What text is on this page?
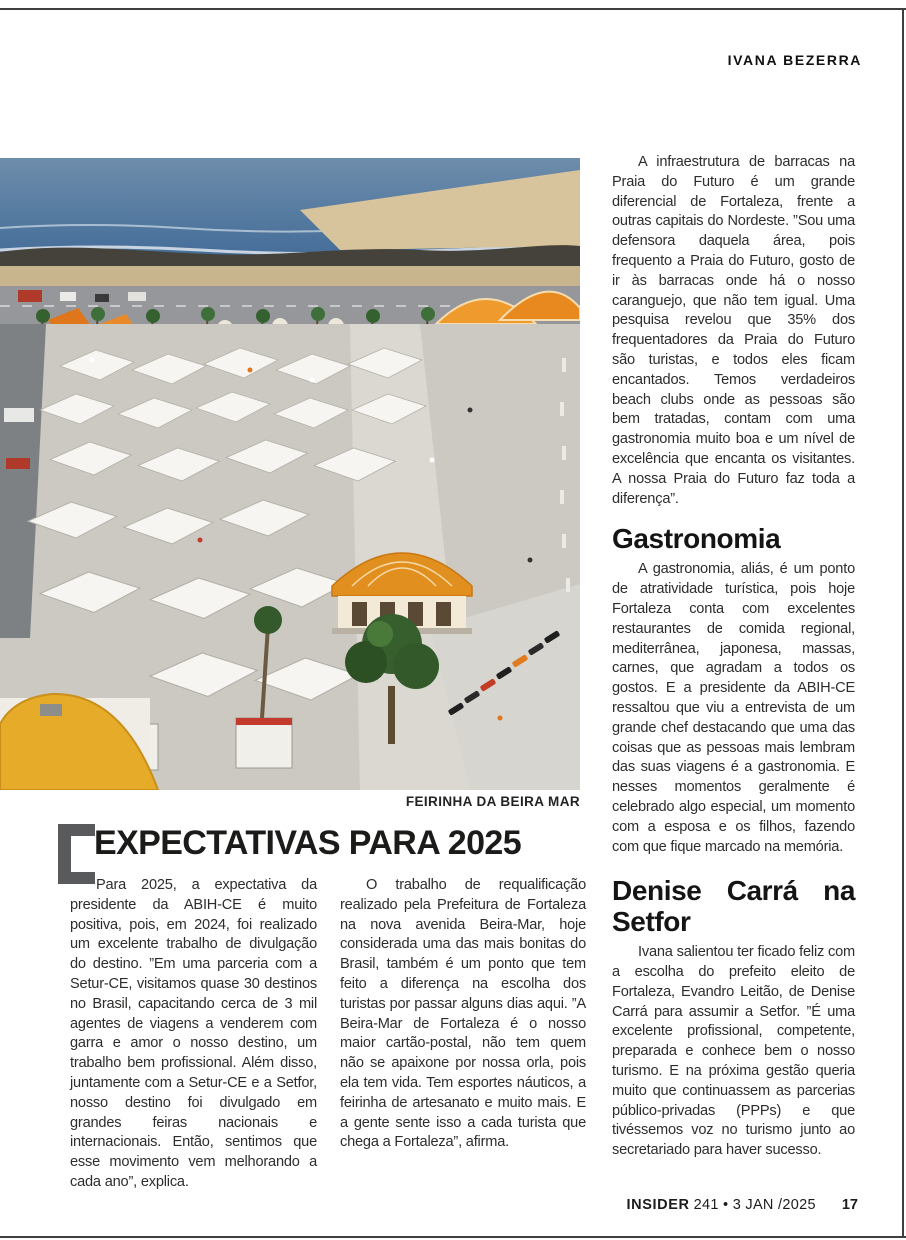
IVANA BEZERRA
FEIRINHA DA BEIRA MAR
EXPECTATIVAS PARA 2025

Para 2025, a expectativa da presidente da ABIH-CE é muito positiva, pois, em 2024, foi realizado um excelente trabalho de divulgação do destino. ”Em uma parceria com a Setur-CE, visitamos quase 30 destinos no Brasil, capacitando cerca de 3 mil agentes de viagens a venderem com garra e amor o nosso destino, um trabalho bem profissional. Além disso, juntamente com a Setur-CE e a Setfor, nosso destino foi divulgado em grandes feiras nacionais e internacionais. Então, sentimos que esse movimento vem melhorando a cada ano”, explica.

O trabalho de requalificação realizado pela Prefeitura de Fortaleza na nova avenida Beira-Mar, hoje considerada uma das mais bonitas do Brasil, também é um ponto que tem feito a diferença na escolha dos turistas por passar alguns dias aqui. ”A Beira-Mar de Fortaleza é o nosso maior cartão-postal, não tem quem não se apaixone por nossa orla, pois ela tem vida. Tem esportes náuticos, a feirinha de artesanato e muito mais. E a gente sente isso a cada turista que chega a Fortaleza”, afirma.

A infraestrutura de barracas na Praia do Futuro é um grande diferencial de Fortaleza, frente a outras capitais do Nordeste. ”Sou uma defensora daquela área, pois frequento a Praia do Futuro, gosto de ir às barracas onde há o nosso caranguejo, que não tem igual. Uma pesquisa revelou que 35% dos frequentadores da Praia do Futuro são turistas, e todos eles ficam encantados. Temos verdadeiros beach clubs onde as pessoas são bem tratadas, contam com uma gastronomia muito boa e um nível de excelência que encanta os visitantes. A nossa Praia do Futuro faz toda a diferença”.

Gastronomia

A gastronomia, aliás, é um ponto de atratividade turística, pois hoje Fortaleza conta com excelentes restaurantes de comida regional, mediterrânea, japonesa, massas, carnes, que agradam a todos os gostos. E a presidente da ABIH-CE ressaltou que viu a entrevista de um grande chef destacando que uma das coisas que as pessoas mais lembram das suas viagens é a gastronomia. E nesses momentos geralmente é celebrado algo especial, um momento com a esposa e os filhos, fazendo com que fique marcado na memória.

Denise Carrá na Setfor

Ivana salientou ter ficado feliz com a escolha do prefeito eleito de Fortaleza, Evandro Leitão, de Denise Carrá para assumir a Setfor. ”É uma excelente profissional, competente, preparada e conhece bem o nosso turismo. E na próxima gestão queria muito que continuassem as parcerias público-privadas (PPPs) e que tivéssemos voz no turismo junto ao secretariado para haver sucesso.

INSIDER 241 • 3 JAN /2025 17
